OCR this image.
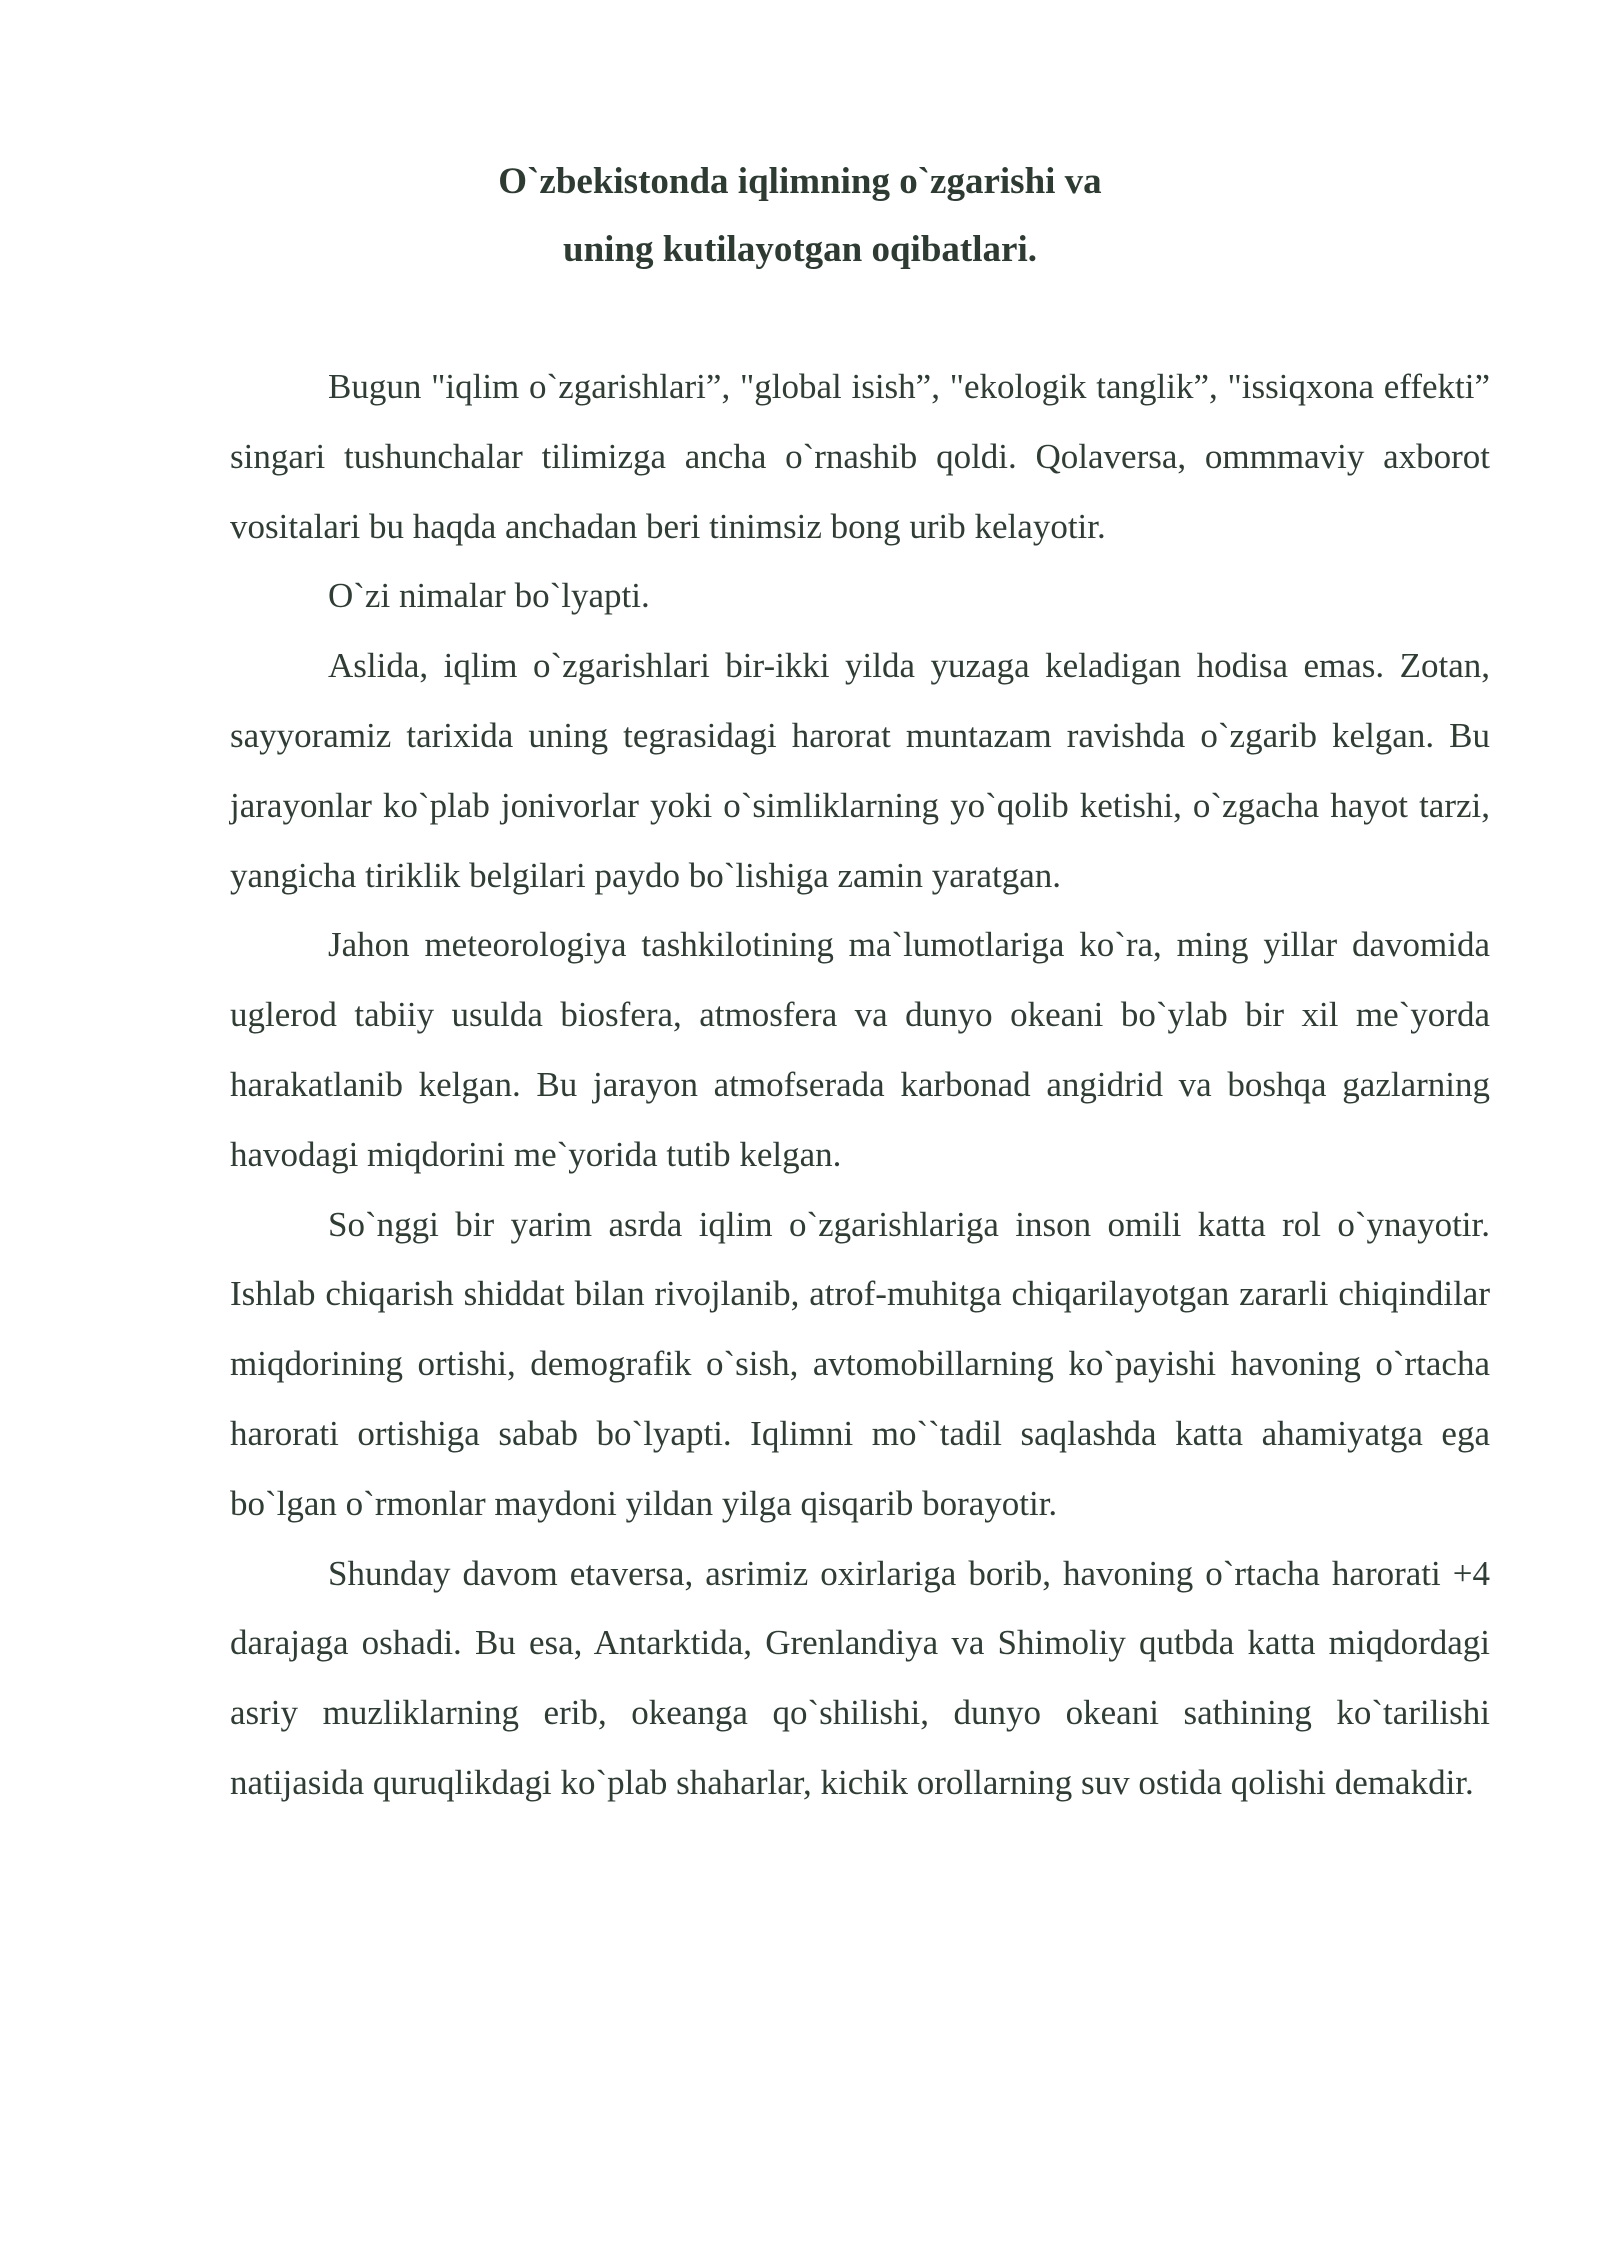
O`zbekistonda iqlimning o`zgarishi va
uning kutilayotgan oqibatlari.

Bugun "iqlim o`zgarishlari”, "global isish”, "ekologik tanglik”, "issiqxona effekti” singari tushunchalar tilimizga ancha o`rnashib qoldi. Qolaversa, ommmaviy axborot vositalari bu haqda anchadan beri tinimsiz bong urib kelayotir.

O`zi nimalar bo`lyapti.

Aslida, iqlim o`zgarishlari bir-ikki yilda yuzaga keladigan hodisa emas. Zotan, sayyoramiz tarixida uning tegrasidagi harorat muntazam ravishda o`zgarib kelgan. Bu jarayonlar ko`plab jonivorlar yoki o`simliklarning yo`qolib ketishi, o`zgacha hayot tarzi, yangicha tiriklik belgilari paydo bo`lishiga zamin yaratgan.

Jahon meteorologiya tashkilotining ma`lumotlariga ko`ra, ming yillar davomida uglerod tabiiy usulda biosfera, atmosfera va dunyo okeani bo`ylab bir xil me`yorda harakatlanib kelgan. Bu jarayon atmofserada karbonad angidrid va boshqa gazlarning havodagi miqdorini me`yorida tutib kelgan.

So`nggi bir yarim asrda iqlim o`zgarishlariga inson omili katta rol o`ynayotir. Ishlab chiqarish shiddat bilan rivojlanib, atrof-muhitga chiqarilayotgan zararli chiqindilar miqdorining ortishi, demografik o`sish, avtomobillarning ko`payishi havoning o`rtacha harorati ortishiga sabab bo`lyapti. Iqlimni mo``tadil saqlashda katta ahamiyatga ega bo`lgan o`rmonlar maydoni yildan yilga qisqarib borayotir.

Shunday davom etaversa, asrimiz oxirlariga borib, havoning o`rtacha harorati +4 darajaga oshadi. Bu esa, Antarktida, Grenlandiya va Shimoliy qutbda katta miqdordagi asriy muzliklarning erib, okeanga qo`shilishi, dunyo okeani sathining ko`tarilishi natijasida quruqlikdagi ko`plab shaharlar, kichik orollarning suv ostida qolishi demakdir.
